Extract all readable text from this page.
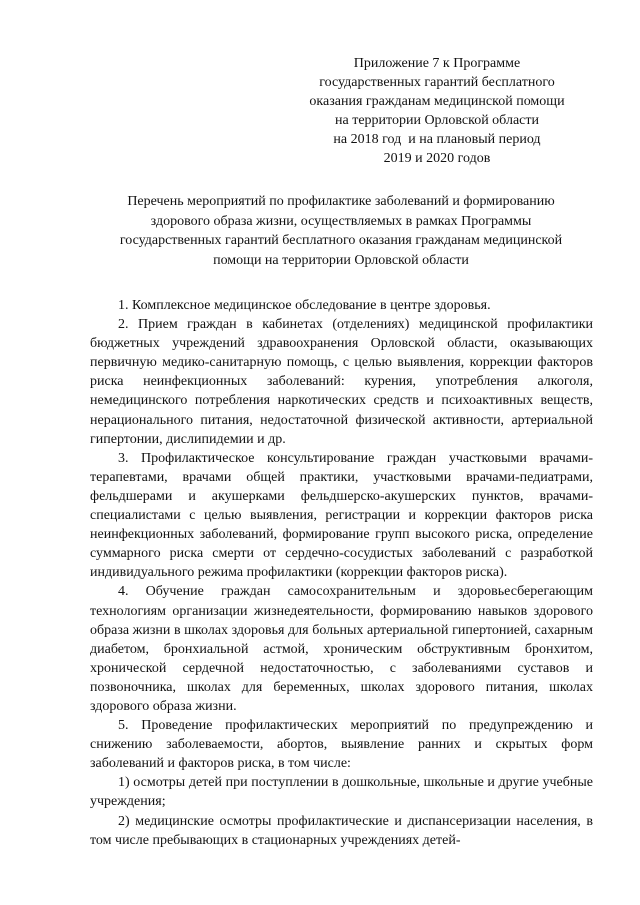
Приложение 7 к Программе
государственных гарантий бесплатного
оказания гражданам медицинской помощи
на территории Орловской области
на 2018 год  и на плановый период
2019 и 2020 годов
Перечень мероприятий по профилактике заболеваний и формированию
здорового образа жизни, осуществляемых в рамках Программы
государственных гарантий бесплатного оказания гражданам медицинской
помощи на территории Орловской области

1. Комплексное медицинское обследование в центре здоровья.

2. Прием граждан в кабинетах (отделениях) медицинской профилактики бюджетных учреждений здравоохранения Орловской области, оказывающих первичную медико-санитарную помощь, с целью выявления, коррекции факторов риска неинфекционных заболеваний: курения, употребления алкоголя, немедицинского потребления наркотических средств и психоактивных веществ, нерационального питания, недостаточной физической активности, артериальной гипертонии, дислипидемии и др.

3. Профилактическое консультирование граждан участковыми врачами-терапевтами, врачами общей практики, участковыми врачами-педиатрами, фельдшерами и акушерками фельдшерско-акушерских пунктов, врачами-специалистами с целью выявления, регистрации и коррекции факторов риска неинфекционных заболеваний, формирование групп высокого риска, определение суммарного риска смерти от сердечно-сосудистых заболеваний с разработкой индивидуального режима профилактики (коррекции факторов риска).

4. Обучение граждан самосохранительным и здоровьесберегающим технологиям организации жизнедеятельности, формированию навыков здорового образа жизни в школах здоровья для больных артериальной гипертонией, сахарным диабетом, бронхиальной астмой, хроническим обструктивным бронхитом, хронической сердечной недостаточностью, с заболеваниями суставов и позвоночника, школах для беременных, школах здорового питания, школах здорового образа жизни.

5. Проведение профилактических мероприятий по предупреждению и снижению заболеваемости, абортов, выявление ранних и скрытых форм заболеваний и факторов риска, в том числе:

1) осмотры детей при поступлении в дошкольные, школьные и другие учебные учреждения;

2) медицинские осмотры профилактические и диспансеризации населения, в том числе пребывающих в стационарных учреждениях детей-
